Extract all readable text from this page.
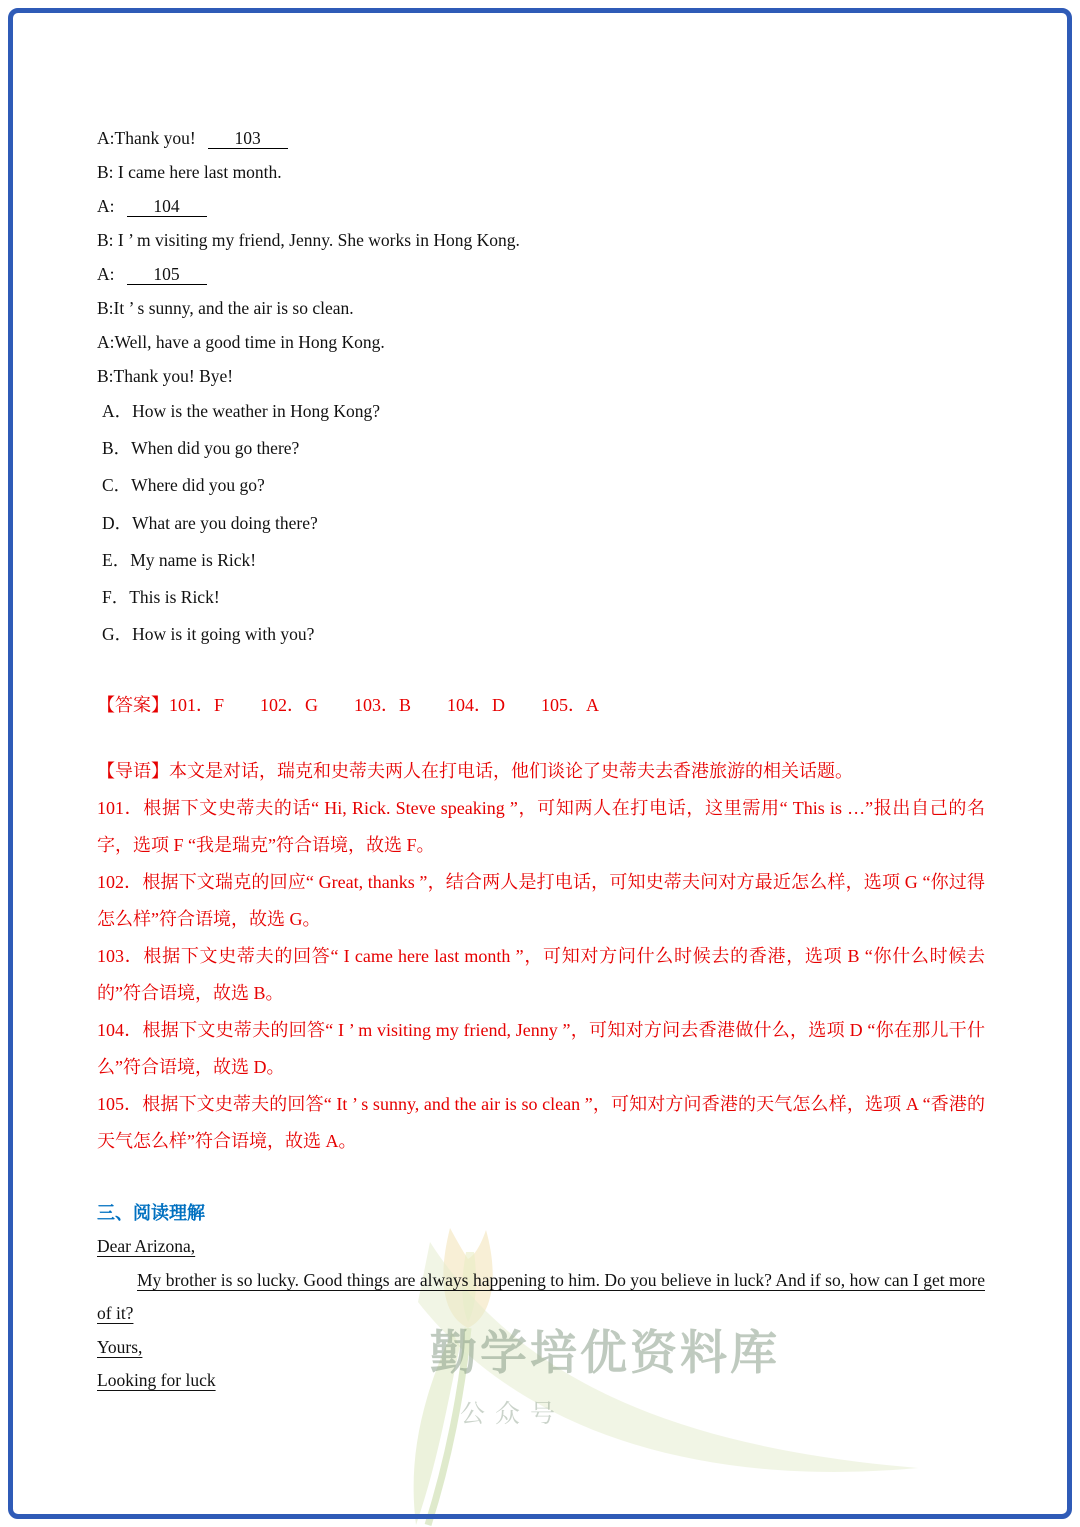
勤学培优资料库
公众号

A:Thank you! 103

B: I came here last month.

A: 104

B: I ’ m visiting my friend, Jenny. She works in Hong Kong.

A: 105

B:It ’ s sunny, and the air is so clean.

A:Well, have a good time in Hong Kong.

B:Thank you! Bye!

A．How is the weather in Hong Kong?

B．When did you go there?

C．Where did you go?

D．What are you doing there?

E．My name is Rick!

F．This is Rick!

G．How is it going with you?

【答案】101．F　　102．G　　103．B　　104．D　　105．A

【导语】本文是对话，瑞克和史蒂夫两人在打电话，他们谈论了史蒂夫去香港旅游的相关话题。

101．根据下文史蒂夫的话“ Hi, Rick. Steve speaking ”，可知两人在打电话，这里需用“ This is …”报出自己的名字，选项 F “我是瑞克”符合语境，故选 F。

102．根据下文瑞克的回应“ Great, thanks ”，结合两人是打电话，可知史蒂夫问对方最近怎么样，选项 G “你过得怎么样”符合语境，故选 G。

103．根据下文史蒂夫的回答“ I came here last month ”，可知对方问什么时候去的香港，选项 B “你什么时候去的”符合语境，故选 B。

104．根据下文史蒂夫的回答“ I ’ m visiting my friend, Jenny ”，可知对方问去香港做什么，选项 D “你在那儿干什么”符合语境，故选 D。

105．根据下文史蒂夫的回答“ It ’ s sunny, and the air is so clean ”，可知对方问香港的天气怎么样，选项 A “香港的天气怎么样”符合语境，故选 A。

三、阅读理解

Dear Arizona,

My brother is so lucky. Good things are always happening to him. Do you believe in luck? And if so, how can I get more of it?

Yours,

Looking for luck
